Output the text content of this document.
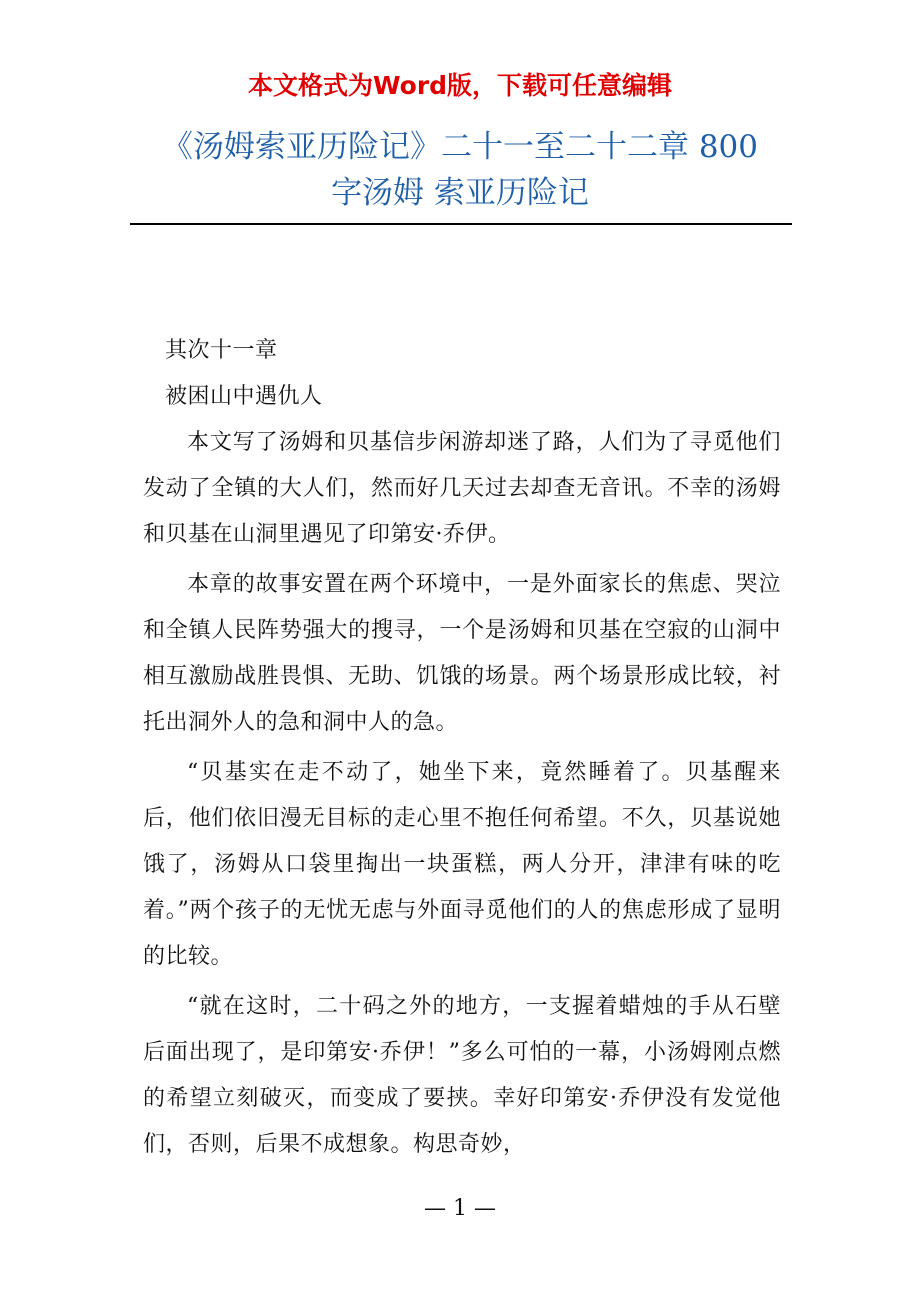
本文格式为Word版，下载可任意编辑
《汤姆索亚历险记》二十一至二十二章 800
字汤姆 索亚历险记

其次十一章

被困山中遇仇人

本文写了汤姆和贝基信步闲游却迷了路，人们为了寻觅他们发动了全镇的大人们，然而好几天过去却查无音讯。不幸的汤姆和贝基在山洞里遇见了印第安·乔伊。

本章的故事安置在两个环境中，一是外面家长的焦虑、哭泣和全镇人民阵势强大的搜寻，一个是汤姆和贝基在空寂的山洞中相互激励战胜畏惧、无助、饥饿的场景。两个场景形成比较，衬托出洞外人的急和洞中人的急。

“贝基实在走不动了，她坐下来，竟然睡着了。贝基醒来后，他们依旧漫无目标的走心里不抱任何希望。不久，贝基说她饿了，汤姆从口袋里掏出一块蛋糕，两人分开，津津有味的吃着。”两个孩子的无忧无虑与外面寻觅他们的人的焦虑形成了显明的比较。

“就在这时，二十码之外的地方，一支握着蜡烛的手从石壁后面出现了，是印第安·乔伊！”多么可怕的一幕，小汤姆刚点燃的希望立刻破灭，而变成了要挟。幸好印第安·乔伊没有发觉他们，否则，后果不成想象。构思奇妙，

— 1 —
